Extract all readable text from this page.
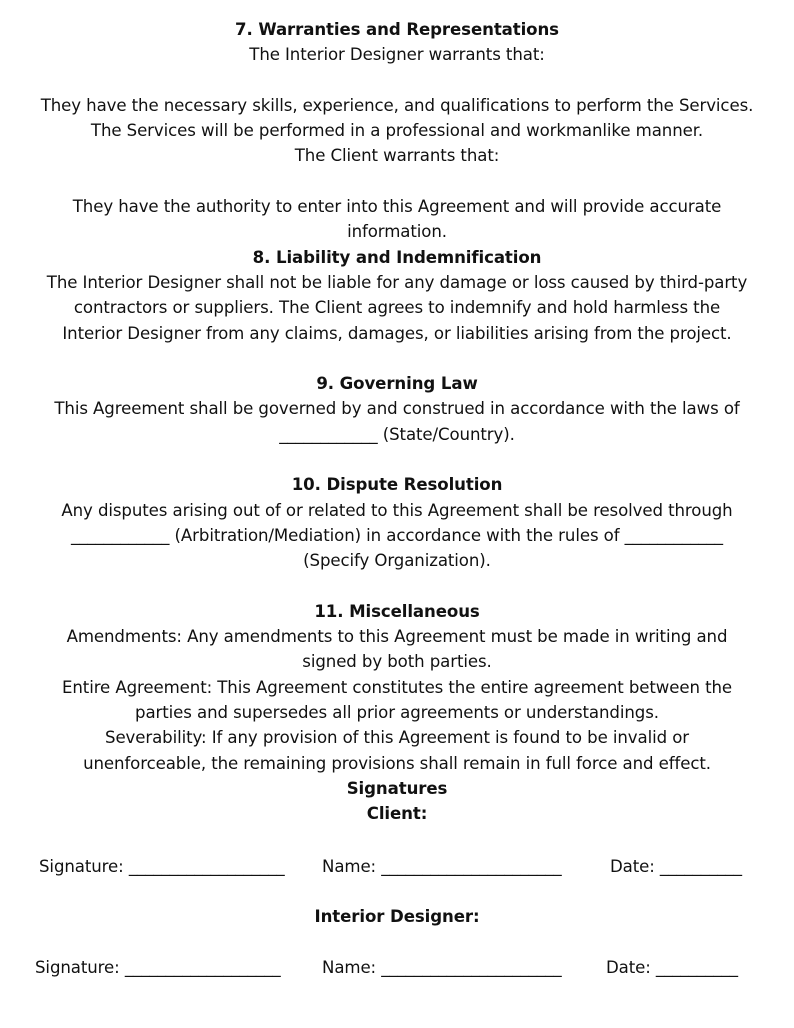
7. Warranties and Representations
The Interior Designer warrants that:
They have the necessary skills, experience, and qualifications to perform the Services.
The Services will be performed in a professional and workmanlike manner.
The Client warrants that:
They have the authority to enter into this Agreement and will provide accurate
information.
8. Liability and Indemnification
The Interior Designer shall not be liable for any damage or loss caused by third-party
contractors or suppliers. The Client agrees to indemnify and hold harmless the
Interior Designer from any claims, damages, or liabilities arising from the project.
9. Governing Law
This Agreement shall be governed by and construed in accordance with the laws of
____________ (State/Country).
10. Dispute Resolution
Any disputes arising out of or related to this Agreement shall be resolved through
____________ (Arbitration/Mediation) in accordance with the rules of ____________
(Specify Organization).
11. Miscellaneous
Amendments: Any amendments to this Agreement must be made in writing and
signed by both parties.
Entire Agreement: This Agreement constitutes the entire agreement between the
parties and supersedes all prior agreements or understandings.
Severability: If any provision of this Agreement is found to be invalid or
unenforceable, the remaining provisions shall remain in full force and effect.
Signatures
Client:
Signature: ___________________ Name: ______________________	Date: __________
Interior Designer:
Signature: ___________________ Name: ______________________	Date: __________
